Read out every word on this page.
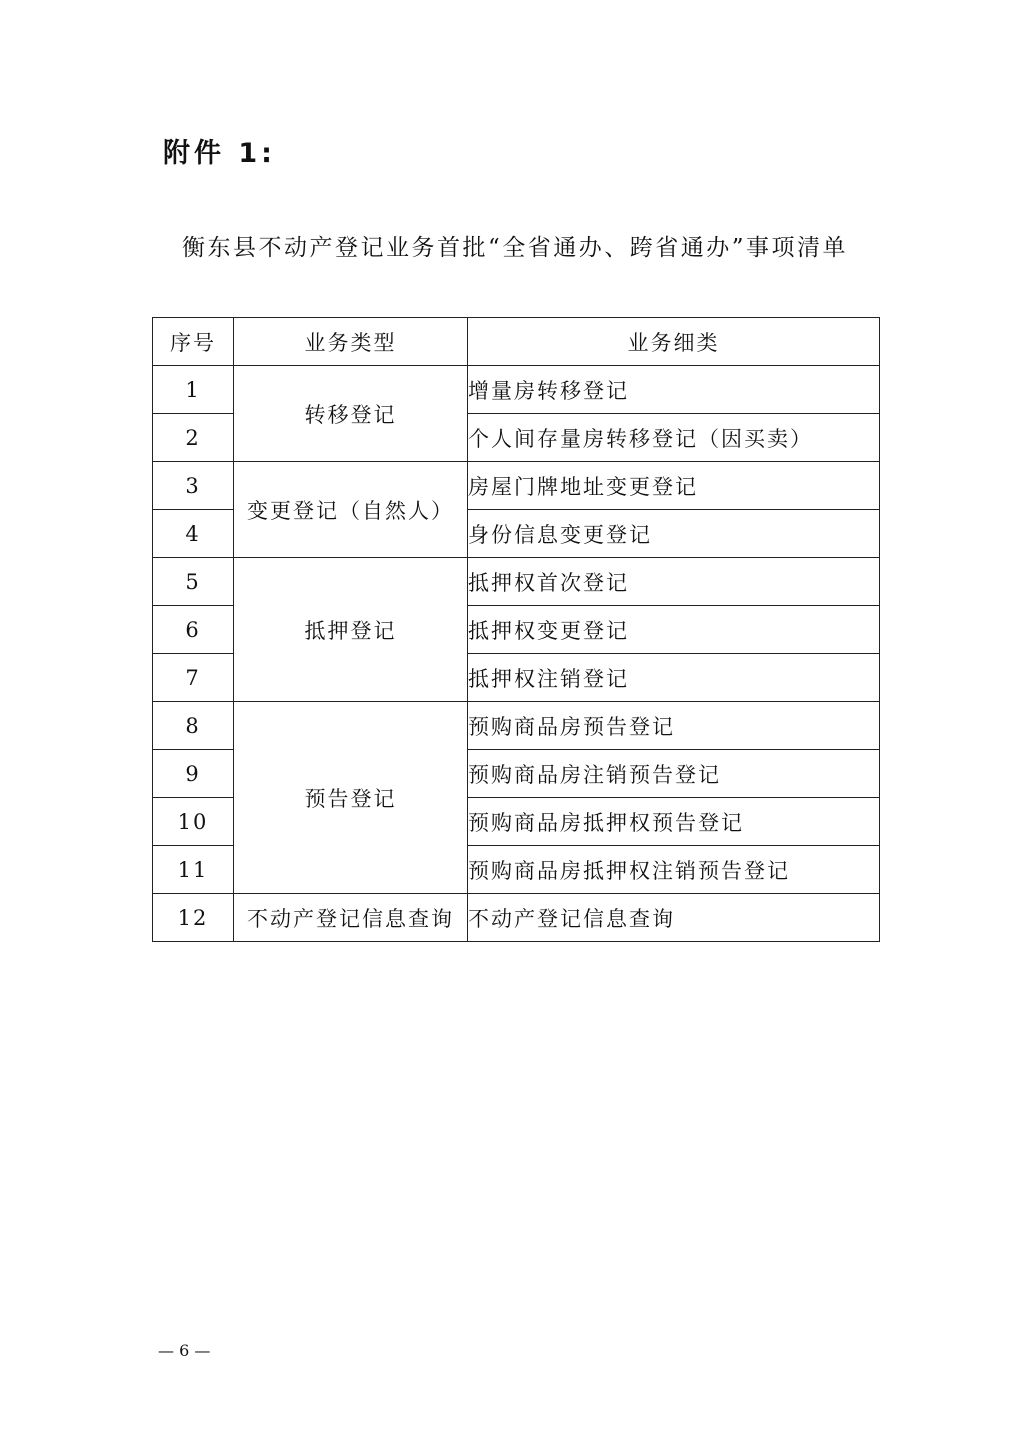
附件 1:
衡东县不动产登记业务首批“全省通办、跨省通办”事项清单
序号	业务类型	业务细类
1	转移登记	增量房转移登记
2		个人间存量房转移登记（因买卖）
3	变更登记（自然人）	房屋门牌地址变更登记
4		身份信息变更登记
5	抵押登记	抵押权首次登记
6		抵押权变更登记
7		抵押权注销登记
8	预告登记	预购商品房预告登记
9		预购商品房注销预告登记
10		预购商品房抵押权预告登记
11		预购商品房抵押权注销预告登记
12	不动产登记信息查询	不动产登记信息查询
— 6 —
